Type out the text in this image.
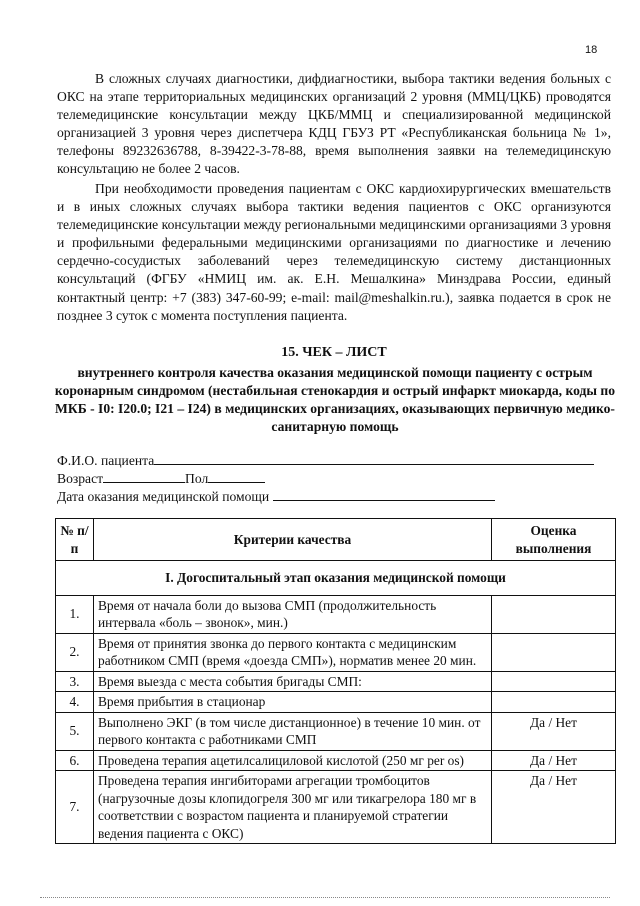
18

В сложных случаях диагностики, дифдиагностики, выбора тактики ведения больных с ОКС на этапе территориальных медицинских организаций 2 уровня (ММЦ/ЦКБ) проводятся телемедицинские консультации между ЦКБ/ММЦ и специализированной медицинской организацией 3 уровня через диспетчера КДЦ ГБУЗ РТ «Республиканская больница № 1», телефоны 89232636788, 8-39422-3-78-88, время выполнения заявки на телемедицинскую консультацию не более 2 часов.

При необходимости проведения пациентам с ОКС кардиохирургических вмешательств и в иных сложных случаях выбора тактики ведения пациентов с ОКС организуются телемедицинские консультации между региональными медицинскими организациями 3 уровня и профильными федеральными медицинскими организациями по диагностике и лечению сердечно-сосудистых заболеваний через телемедицинскую систему дистанционных консультаций (ФГБУ «НМИЦ им. ак. Е.Н. Мешалкина» Минздрава России, единый контактный центр: +7 (383) 347-60-99; e-mail: mail@meshalkin.ru.), заявка подается в срок не позднее 3 суток с момента поступления пациента.

15. ЧЕК – ЛИСТ
внутреннего контроля качества оказания медицинской помощи пациенту с острым коронарным синдромом (нестабильная стенокардия и острый инфаркт миокарда, коды по МКБ - I0: I20.0; I21 – I24) в медицинских организациях, оказывающих первичную медико-санитарную помощь
Ф.И.О. пациента
Возраст	Пол
Дата оказания медицинской помощи
№ п/п	Критерии качества	Оценка выполнения
I. Догоспитальный этап оказания медицинской помощи		
1.	Время от начала боли до вызова СМП (продолжительность интервала «боль – звонок», мин.)	
2.	Время от принятия звонка до первого контакта с медицинским работником СМП (время «доезда СМП»), норматив менее 20 мин.	
3.	Время выезда с места события бригады СМП:	
4.	Время прибытия в стационар	
5.	Выполнено ЭКГ (в том числе дистанционное) в течение 10 мин. от первого контакта с работниками СМП	Да / Нет
6.	Проведена терапия ацетилсалициловой кислотой (250 мг per os)	Да / Нет
7.	Проведена терапия ингибиторами агрегации тромбоцитов (нагрузочные дозы клопидогреля 300 мг или тикагрелора 180 мг в соответствии с возрастом пациента и планируемой стратегии ведения пациента с ОКС)	Да / Нет
